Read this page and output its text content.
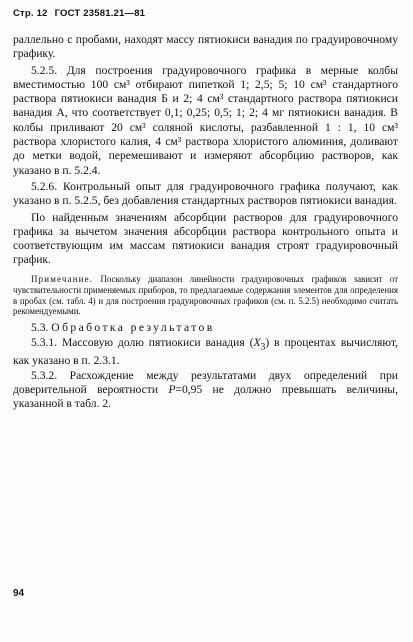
Стр. 12 ГОСТ 23581.21—81

раллельно с пробами, находят массу пятиокиси ванадия по градуировочному графику.

5.2.5. Для построения градуировочного графика в мерные колбы вместимостью 100 см³ отбирают пипеткой 1; 2,5; 5; 10 см³ стандартного раствора пятиокиси ванадия Б и 2; 4 см³ стандартного раствора пятиокиси ванадия А, что соответствует 0,1; 0,25; 0,5; 1; 2; 4 мг пятиокиси ванадия. В колбы приливают 20 см³ соляной кислоты, разбавленной 1 : 1, 10 см³ раствора хлористого калия, 4 см³ раствора хлористого алюминия, доливают до метки водой, перемешивают и измеряют абсорбцию растворов, как указано в п. 5.2.4.

5.2.6. Контрольный опыт для градуировочного графика получают, как указано в п. 5.2.5, без добавления стандартных растворов пятиокиси ванадия.

По найденным значениям абсорбции растворов для градуировочного графика за вычетом значения абсорбции раствора контрольного опыта и соответствующим им массам пятиокиси ванадия строят градуировочный график.

Примечание. Поскольку диапазон линейности градуировочных графиков зависит от чувствительности применяемых приборов, то предлагаемые содержания элементов для определения в пробах (см. табл. 4) и для построения градуировочных графиков (см. п. 5.2.5) необходимо считать рекомендуемыми.

5.3. Обработка результатов

5.3.1. Массовую долю пятиокиси ванадия $(X_3)$ в процентах вычисляют, как указано в п. 2.3.1.

5.3.2. Расхождение между результатами двух определений при доверительной вероятности P=0,95 не должно превышать величины, указанной в табл. 2.

94
